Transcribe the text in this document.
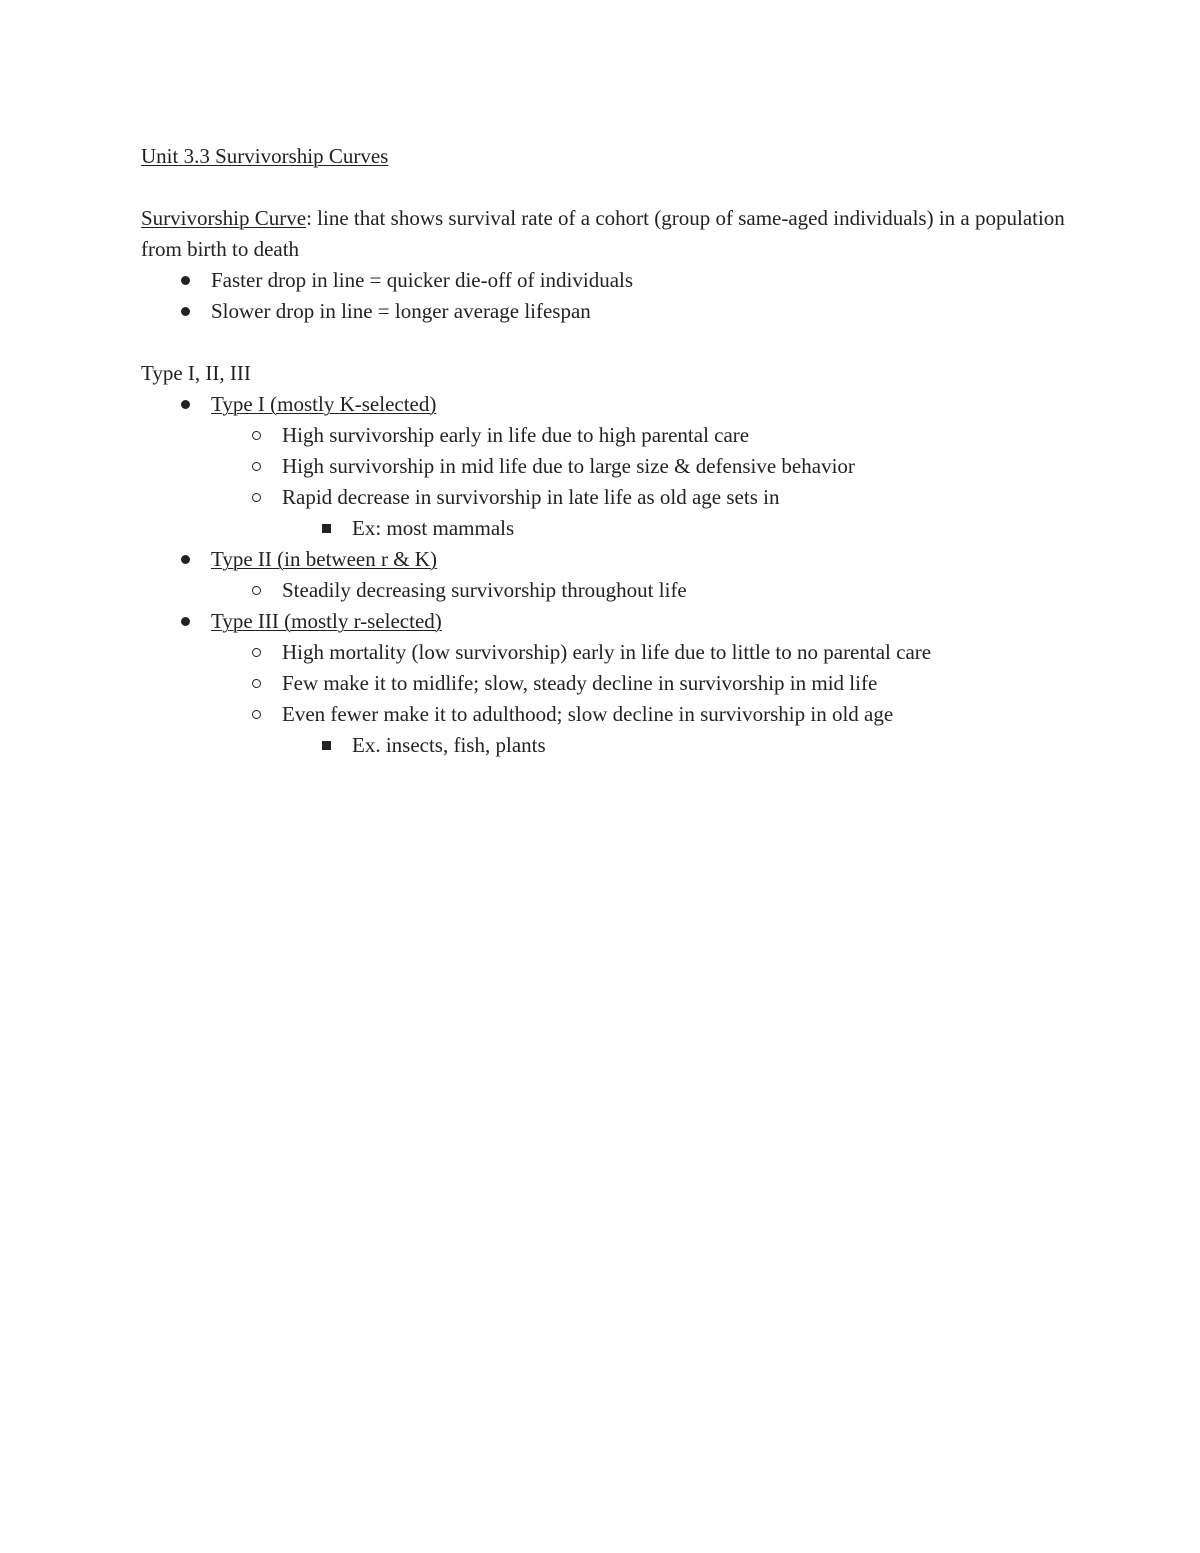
Unit 3.3 Survivorship Curves
Survivorship Curve: line that shows survival rate of a cohort (group of same-aged individuals) in a population from birth to death
Faster drop in line = quicker die-off of individuals
Slower drop in line = longer average lifespan
Type I, II, III
Type I (mostly K-selected)
High survivorship early in life due to high parental care
High survivorship in mid life due to large size & defensive behavior
Rapid decrease in survivorship in late life as old age sets in
Ex: most mammals
Type II (in between r & K)
Steadily decreasing survivorship throughout life
Type III (mostly r-selected)
High mortality (low survivorship) early in life due to little to no parental care
Few make it to midlife; slow, steady decline in survivorship in mid life
Even fewer make it to adulthood; slow decline in survivorship in old age
Ex. insects, fish, plants
